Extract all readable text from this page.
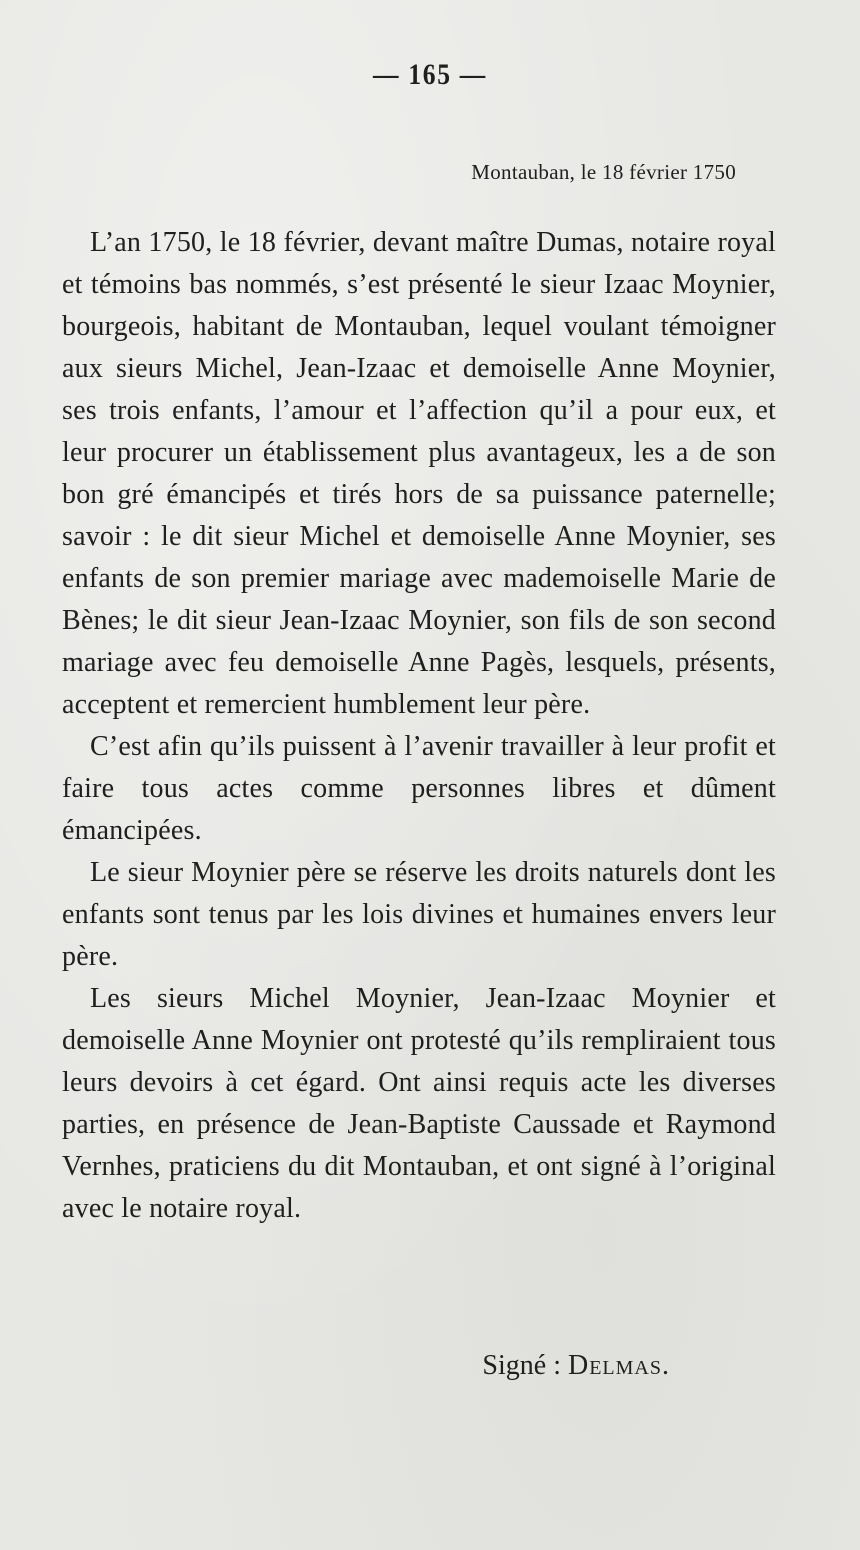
— 165 —
Montauban, le 18 février 1750

L’an 1750, le 18 février, devant maître Dumas, notaire royal et témoins bas nommés, s’est présenté le sieur Izaac Moynier, bourgeois, habitant de Montauban, lequel voulant témoigner aux sieurs Michel, Jean-Izaac et demoiselle Anne Moynier, ses trois enfants, l’amour et l’affection qu’il a pour eux, et leur procurer un établissement plus avantageux, les a de son bon gré émancipés et tirés hors de sa puissance paternelle; savoir : le dit sieur Michel et demoiselle Anne Moynier, ses enfants de son premier mariage avec mademoiselle Marie de Bènes; le dit sieur Jean-Izaac Moynier, son fils de son second mariage avec feu demoiselle Anne Pagès, lesquels, présents, acceptent et remercient humblement leur père.

C’est afin qu’ils puissent à l’avenir travailler à leur profit et faire tous actes comme personnes libres et dûment émancipées.

Le sieur Moynier père se réserve les droits naturels dont les enfants sont tenus par les lois divines et humaines envers leur père.

Les sieurs Michel Moynier, Jean-Izaac Moynier et demoiselle Anne Moynier ont protesté qu’ils rempliraient tous leurs devoirs à cet égard. Ont ainsi requis acte les diverses parties, en présence de Jean-Baptiste Caussade et Raymond Vernhes, praticiens du dit Montauban, et ont signé à l’original avec le notaire royal.

Signé : Delmas.
